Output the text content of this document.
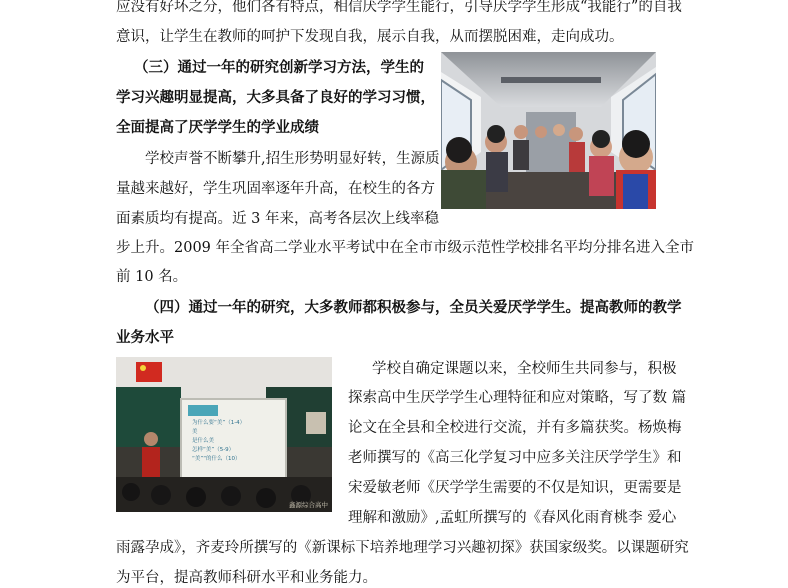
应没有好坏之分，他们各有特点，相信厌学学生能行，引导厌学学生形成“我能行”的自我
意识，让学生在教师的呵护下发现自我，展示自我，从而摆脱困难，走向成功。
（三）通过一年的研究创新学习方法，学生的
学习兴趣明显提高，大多具备了良好的学习习惯，
全面提高了厌学学生的学业成绩
学校声誉不断攀升,招生形势明显好转，生源质
量越来越好，学生巩固率逐年升高，在校生的各方
面素质均有提高。近 3 年来，高考各层次上线率稳
步上升。2009 年全省高二学业水平考试中在全市市级示范性学校排名平均分排名进入全市
前 10 名。
（四）通过一年的研究，大多教师都积极参与，全员关爱厌学学生。提高教师的教学
业务水平
学校自确定课题以来，全校师生共同参与，积极
探索高中生厌学学生心理特征和应对策略，写了数 篇
论文在全县和全校进行交流，并有多篇获奖。杨焕梅
老师撰写的《高三化学复习中应多关注厌学学生》和
宋爱敏老师《厌学学生需要的不仅是知识，更需要是
理解和激励》,孟虹所撰写的《春风化雨育桃李 爱心
雨露孕成》，齐麦玲所撰写的《新课标下培养地理学习兴趣初探》获国家级奖。以课题研究
为平台，提高教师科研水平和业务能力。
为什么要“美”（1-4）
美
是什么美
怎样“美”（5-9）
“美”“的什么（10）
鑫源综合高中
